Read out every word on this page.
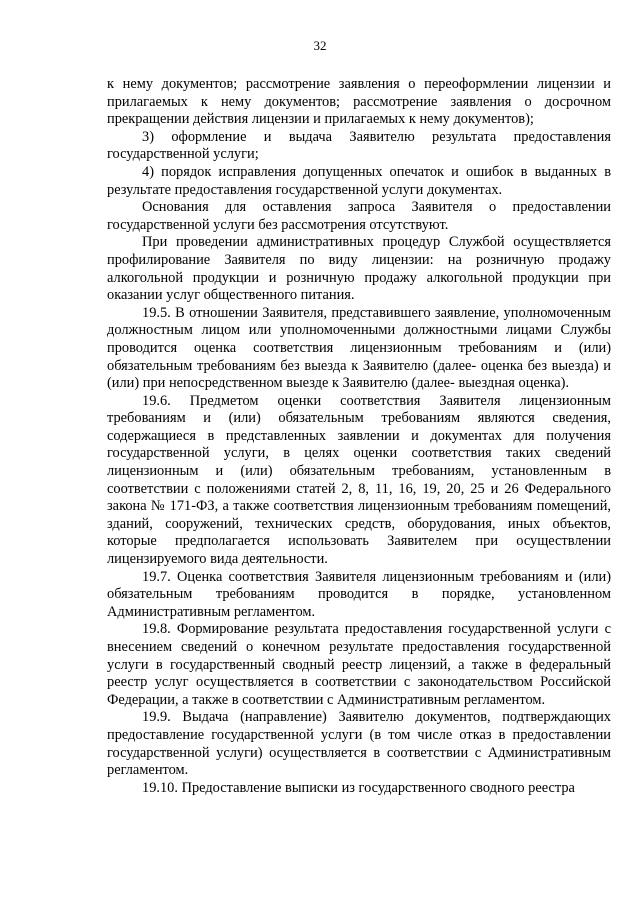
32

к нему документов; рассмотрение заявления о переоформлении лицензии и прилагаемых к нему документов; рассмотрение заявления о досрочном прекращении действия лицензии и прилагаемых к нему документов);

3) оформление и выдача Заявителю результата предоставления государственной услуги;

4) порядок исправления допущенных опечаток и ошибок в выданных в результате предоставления государственной услуги документах.

Основания для оставления запроса Заявителя о предоставлении государственной услуги без рассмотрения отсутствуют.

При проведении административных процедур Службой осуществляется профилирование Заявителя по виду лицензии: на розничную продажу алкогольной продукции и розничную продажу алкогольной продукции при оказании услуг общественного питания.

19.5. В отношении Заявителя, представившего заявление, уполномоченным должностным лицом или уполномоченными должностными лицами Службы проводится оценка соответствия лицензионным требованиям и (или) обязательным требованиям без выезда к Заявителю (далее- оценка без выезда) и (или) при непосредственном выезде к Заявителю (далее- выездная оценка).

19.6. Предметом оценки соответствия Заявителя лицензионным требованиям и (или) обязательным требованиям являются сведения, содержащиеся в представленных заявлении и документах для получения государственной услуги, в целях оценки соответствия таких сведений лицензионным и (или) обязательным требованиям, установленным в соответствии с положениями статей 2, 8, 11, 16, 19, 20, 25 и 26 Федерального закона № 171-ФЗ, а также соответствия лицензионным требованиям помещений, зданий, сооружений, технических средств, оборудования, иных объектов, которые предполагается использовать Заявителем при осуществлении лицензируемого вида деятельности.

19.7. Оценка соответствия Заявителя лицензионным требованиям и (или) обязательным требованиям проводится в порядке, установленном Административным регламентом.

19.8. Формирование результата предоставления государственной услуги с внесением сведений о конечном результате предоставления государственной услуги в государственный сводный реестр лицензий, а также в федеральный реестр услуг осуществляется в соответствии с законодательством Российской Федерации, а также в соответствии с Административным регламентом.

19.9. Выдача (направление) Заявителю документов, подтверждающих предоставление государственной услуги (в том числе отказ в предоставлении государственной услуги) осуществляется в соответствии с Административным регламентом.

19.10. Предоставление выписки из государственного сводного реестра
